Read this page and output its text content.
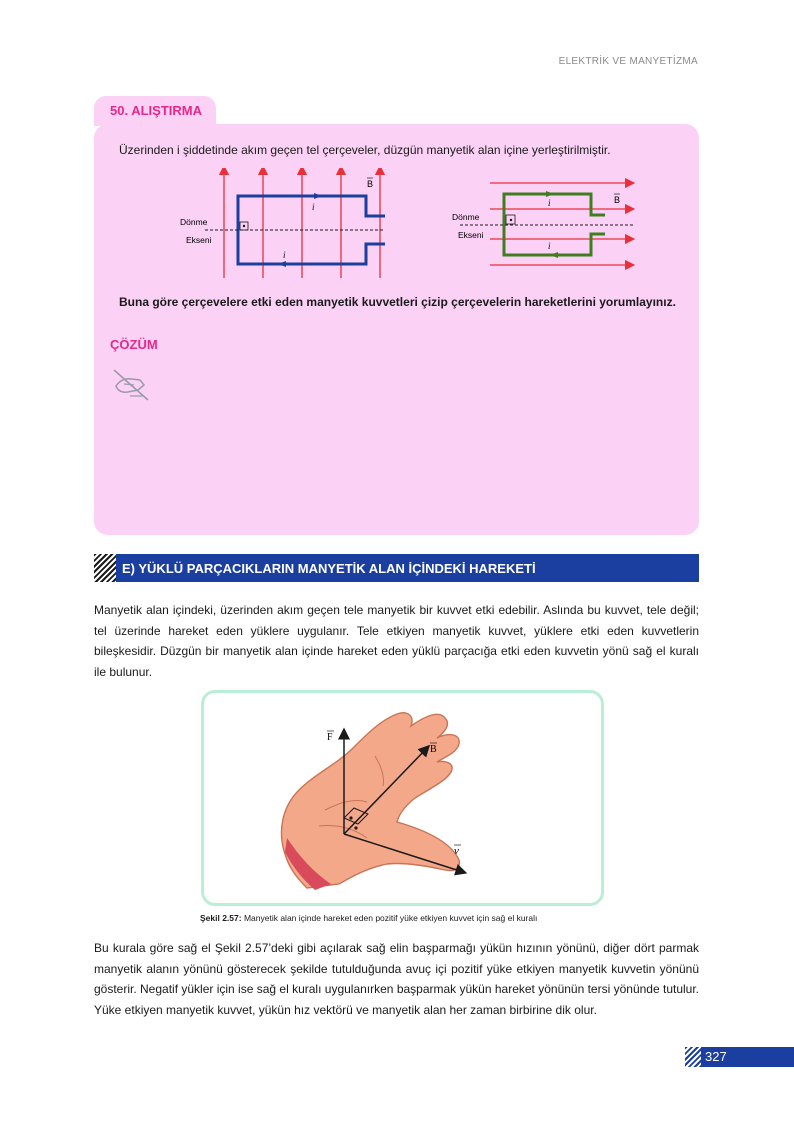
ELEKTRİK VE MANYETİZMA
50. ALIŞTIRMA
Üzerinden i şiddetinde akım geçen tel çerçeveler, düzgün manyetik alan içine yerleştirilmiştir.
i
i
B
Dönme
Ekseni
i
i
B
Dönme
Ekseni
Buna göre çerçevelere etki eden manyetik kuvvetleri çizip çerçevelerin hareketlerini yorumlayınız.
ÇÖZÜM
E) YÜKLÜ PARÇACIKLARIN MANYETİK ALAN İÇİNDEKİ HAREKETİ
Manyetik alan içindeki, üzerinden akım geçen tele manyetik bir kuvvet etki edebilir. Aslında bu kuvvet, tele değil; tel üzerinde hareket eden yüklere uygulanır. Tele etkiyen manyetik kuvvet, yüklere etki eden kuvvetlerin bileşkesidir. Düzgün bir manyetik alan içinde hareket eden yüklü parçacığa etki eden kuvvetin yönü sağ el kuralı ile bulunur.
F
B
v
Şekil 2.57: Manyetik alan içinde hareket eden pozitif yüke etkiyen kuvvet için sağ el kuralı
Bu kurala göre sağ el Şekil 2.57’deki gibi açılarak sağ elin başparmağı yükün hızının yönünü, diğer dört parmak manyetik alanın yönünü gösterecek şekilde tutulduğunda avuç içi pozitif yüke etkiyen manyetik kuvvetin yönünü gösterir. Negatif yükler için ise sağ el kuralı uygulanırken başparmak yükün hareket yönünün tersi yönünde tutulur. Yüke etkiyen manyetik kuvvet, yükün hız vektörü ve manyetik alan her zaman birbirine dik olur.
327
